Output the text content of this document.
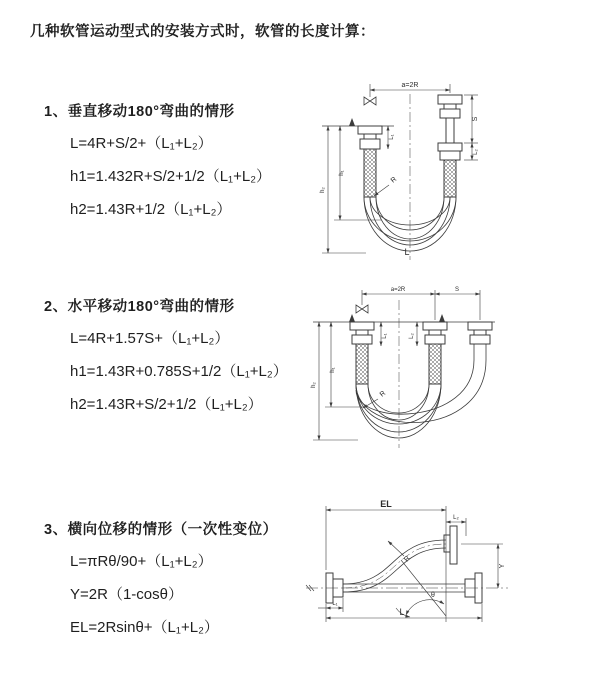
几种软管运动型式的安装方式时，软管的长度计算：
1、垂直移动180°弯曲的情形
L=4R+S/2+（L₁+L₂）
h1=1.432R+S/2+1/2（L₁+L₂）
h2=1.43R+1/2（L₁+L₂）
2、水平移动180°弯曲的情形
L=4R+1.57S+（L₁+L₂）
h1=1.43R+0.785S+1/2（L₁+L₂）
h2=1.43R+S/2+1/2（L₁+L₂）
3、横向位移的情形（一次性变位）
L=πRθ/90+（L₁+L₂）
Y=2R（1-cosθ）
EL=2Rsinθ+（L₁+L₂）
a=2R
S
L₂
L₁
h₁
h₂
R
L
a=2R	S
L₁	L₂
h₁
h₂
R
EL
L₂
Y
R
θ
L
L₁
